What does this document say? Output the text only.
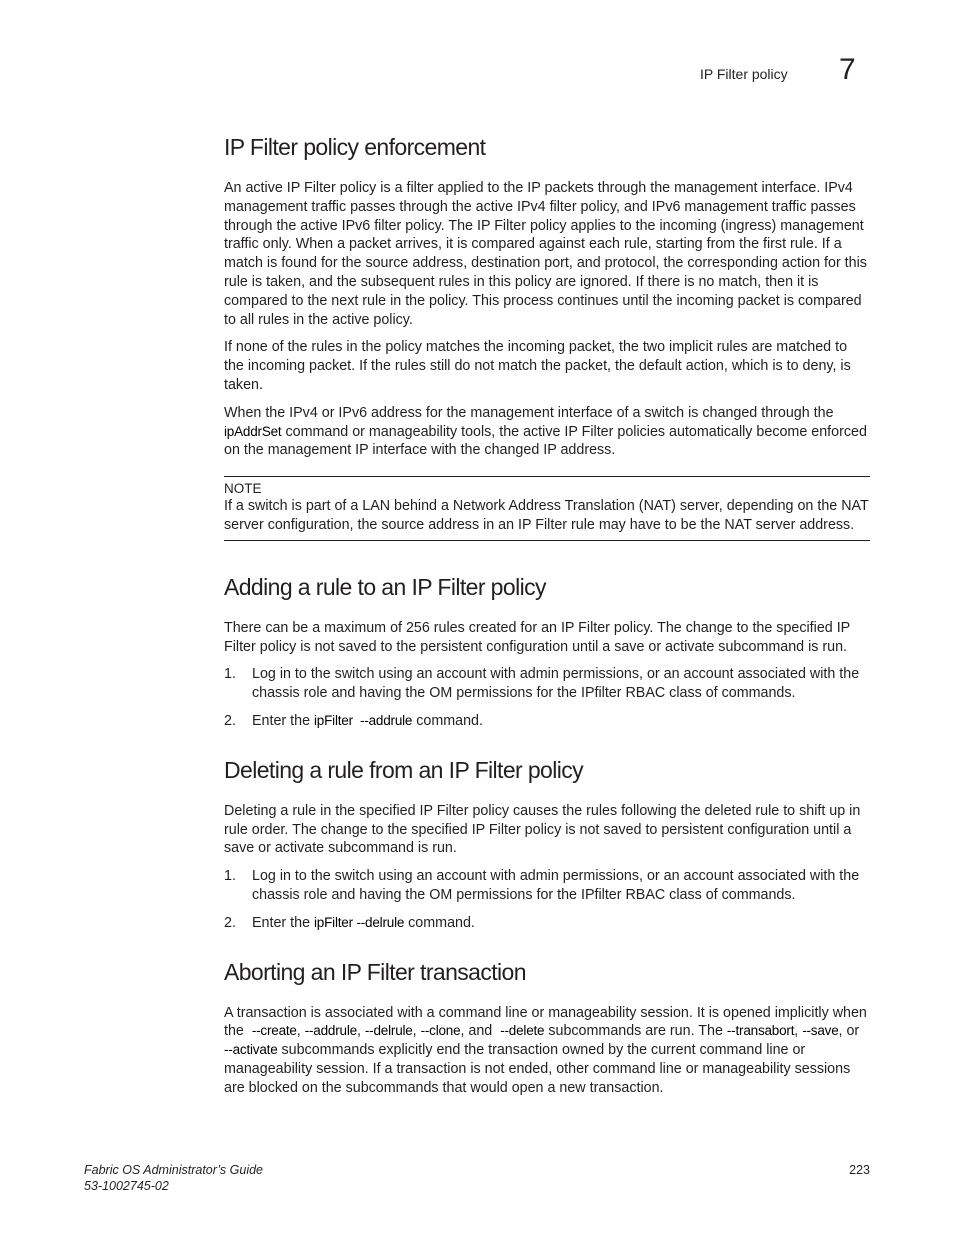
IP Filter policy 7
IP Filter policy enforcement

An active IP Filter policy is a filter applied to the IP packets through the management interface. IPv4 management traffic passes through the active IPv4 filter policy, and IPv6 management traffic passes through the active IPv6 filter policy. The IP Filter policy applies to the incoming (ingress) management traffic only. When a packet arrives, it is compared against each rule, starting from the first rule. If a match is found for the source address, destination port, and protocol, the corresponding action for this rule is taken, and the subsequent rules in this policy are ignored. If there is no match, then it is compared to the next rule in the policy. This process continues until the incoming packet is compared to all rules in the active policy.

If none of the rules in the policy matches the incoming packet, the two implicit rules are matched to the incoming packet. If the rules still do not match the packet, the default action, which is to deny, is taken.

When the IPv4 or IPv6 address for the management interface of a switch is changed through the ipAddrSet command or manageability tools, the active IP Filter policies automatically become enforced on the management IP interface with the changed IP address.

NOTE

If a switch is part of a LAN behind a Network Address Translation (NAT) server, depending on the NAT server configuration, the source address in an IP Filter rule may have to be the NAT server address.

Adding a rule to an IP Filter policy

There can be a maximum of 256 rules created for an IP Filter policy. The change to the specified IP Filter policy is not saved to the persistent configuration until a save or activate subcommand is run.

1. Log in to the switch using an account with admin permissions, or an account associated with the chassis role and having the OM permissions for the IPfilter RBAC class of commands.
2. Enter the ipFilter  --addrule command.
Deleting a rule from an IP Filter policy

Deleting a rule in the specified IP Filter policy causes the rules following the deleted rule to shift up in rule order. The change to the specified IP Filter policy is not saved to persistent configuration until a save or activate subcommand is run.

1. Log in to the switch using an account with admin permissions, or an account associated with the chassis role and having the OM permissions for the IPfilter RBAC class of commands.
2. Enter the ipFilter --delrule command.
Aborting an IP Filter transaction

A transaction is associated with a command line or manageability session. It is opened implicitly when the  --create, --addrule, --delrule, --clone, and  --delete subcommands are run. The --transabort, --save, or  --activate subcommands explicitly end the transaction owned by the current command line or manageability session. If a transaction is not ended, other command line or manageability sessions are blocked on the subcommands that would open a new transaction.

Fabric OS Administrator’s Guide
53-1002745-02
223
